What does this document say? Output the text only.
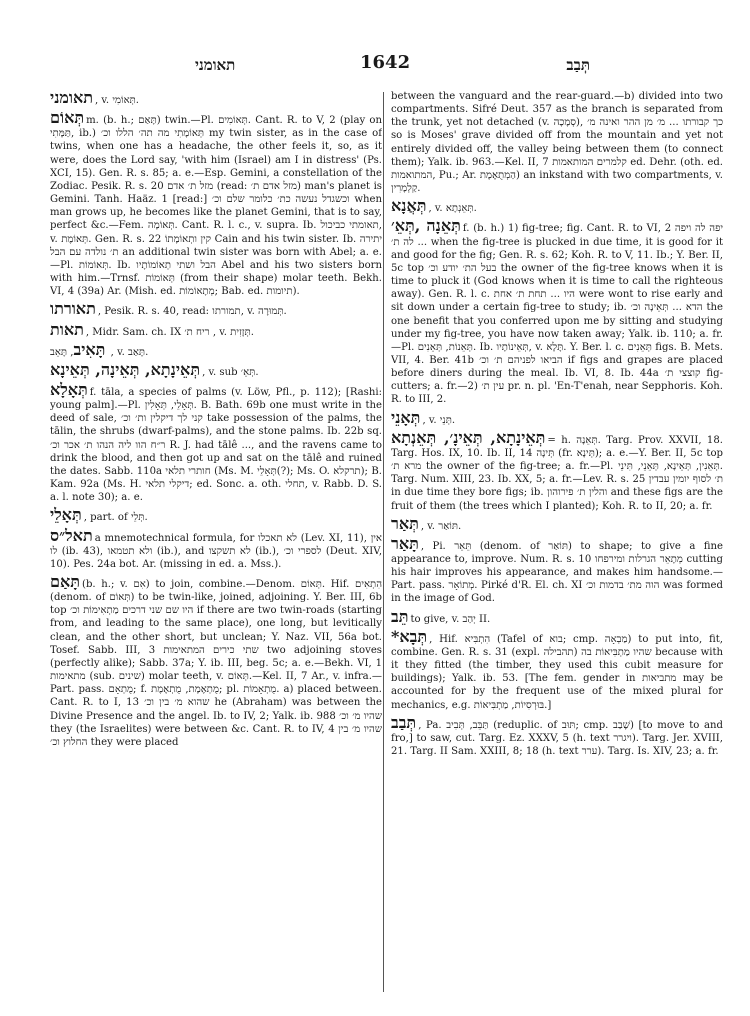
תאומני	1642	תְּבַב

תאומני , v. תְּאוֹמִי.

תְּאוֹם m. (b. h.; תָּאַם) twin.—Pl. תְּאוֹמִים. Cant. R. to V, 2 (play on תַּמָּתִי, ib.) תְּאוֹמָתִי מה תה׳ הללו וכ׳ my twin sister, as in the case of twins, when one has a headache, the other feels it, so, as it were, does the Lord say, 'with him (Israel) am I in distress' (Ps. XCI, 15). Gen. R. s. 85; a. e.—Esp. Gemini, a constellation of the Zodiac. Pesik. R. s. 20 מזל ת׳ אדם (read: מזל אדם ת׳) man's planet is Gemini. Tanh. Haäz. 1 [read:] וכשגדל נעשה כת׳ כלומר שלם וכ׳ when man grows up, he becomes like the planet Gemini, that is to say, perfect &c.—Fem. תְּאוֹמָה. Cant. R. l. c., v. supra. Ib. תאומתי כביכול, v. תְּאוֹמֶת. Gen. R. s. 22 קין ותְאוֹמָתוֹ Cain and his twin sister. Ib. יתירה ת׳ נולדה עם הבל an additional twin sister was born with Abel; a. e.—Pl. תְּאוֹמוֹת. Ib. הבל ושתי תְאוֹמוֹתָיו Abel and his two sisters born with him.—Trnsf. תְּאוֹמוֹת (from their shape) molar teeth. Bekh. VI, 4 (39a) Ar. (Mish. ed. מְתָאוֹמוֹת; Bab. ed. תיומות).

תאורתו , Pesik. R. s. 40, read: תמורתו, v. תְּמוּרָה.

תאות , Midr. Sam. ch. IX ריח ת׳ , v. תְּזָזִית.

תָּאִיב, תָּאֵב , v. תָּאַב.

תְּאֵינָתָא, תְּאֵינָה, תְּאֵינָא , v. sub תְּאֵ׳.

תְּאָלָא f. tāla, a species of palms (v. Löw, Pfl., p. 112); [Rashi: young palm].—Pl. תְּאָלֵי, תְּאָלִין. B. Bath. 69b one must write in the deed of sale, קני לך דיקלין ות׳ וכ׳ take possession of the palms, the tālin, the shrubs (dwarf-palms), and the stone palms. Ib. 22b sq. ר״ח הוו ליה הנהו ת׳ אכר וכ׳ R. J. had tālê ..., and the ravens came to drink the blood, and then got up and sat on the tālê and ruined the dates. Sabb. 110a חותרי תלאי (Ms. M. תְּאָלֵי(?); Ms. O. תרקלא); B. Kam. 92a (Ms. H. דיקלי תלאי; ed. Sonc. a. oth. תחלי, v. Rabb. D. S. a. l. note 30); a. e.

תְּאָלֵי , part. of תְּלֵי.

תאל״ס a mnemotechnical formula, for לא תאכלו (Lev. XI, 11), אין לו (ib. 43), ולא תטמאו (ib.), and לא תשקצו (ib.), לספרי וכ׳ (Deut. XIV, 10). Pes. 24a bot. Ar. (missing in ed. a. Mss.).

תָּאַם (b. h.; v. אִם) to join, combine.—Denom. תְּאוֹם. Hif. הִתְאִים (denom. of תְּאוֹם) to be twin-like, joined, adjoining. Y. Ber. III, 6b top היו שם שני דרכים מַתְאִימוֹת וכ׳ if there are two twin-roads (starting from, and leading to the same place), one long, but levitically clean, and the other short, but unclean; Y. Naz. VII, 56a bot. Tosef. Sabb. III, 3 שתי כירים המתאימות two adjoining stoves (perfectly alike); Sabb. 37a; Y. ib. III, beg. 5c; a. e.—Bekh. VI, 1 מתאימות (sub. שינים) molar teeth, v. תְּאוֹם.—Kel. II, 7 Ar., v. infra.—Part. pass. מֻתְאָם; f. מֻתְאֶמֶת, מֻתְאֶמֶת; pl. מֻתְאָמוֹת. a) placed between. Cant. R. to I, 13 שהוא מ׳ בין וכ׳ he (Abraham) was between the Divine Presence and the angel. Ib. to IV, 2; Yalk. ib. 988 שהיו מ׳ וכ׳ they (the Israelites) were between &c. Cant. R. to IV, 4 שהיו מ׳ בין החלוץ וכ׳ they were placed

between the vanguard and the rear-guard.—b) divided into two compartments. Sifré Deut. 357 as the branch is separated from the trunk, yet not detached (v. סְמָכָה), כך קבורתו ... מ׳ מן ההר ואינה מ׳ so is Moses' grave divided off from the mountain and yet not entirely divided off, the valley being between them (to connect them); Yalk. ib. 963.—Kel. II, 7 קלמרים המותאמות ed. Dehr. (oth. ed. המתואמות, Pu.; Ar. הַמְתֻאֶמֶת) an inkstand with two compartments, v. קַלְמָרִין.

תְּאֲנָא , v. תְּאֵנְתָא.

תְּאֵנָה ,תְּאֵ׳ f. (b. h.) 1) fig-tree; fig. Cant. R. to VI, 2 יפה לה ויפה לה ת׳ ... when the fig-tree is plucked in due time, it is good for it and good for the fig; Gen. R. s. 62; Koh. R. to V, 11. Ib.; Y. Ber. II, 5c top בעל הת׳ יודע וכ׳ the owner of the fig-tree knows when it is time to pluck it (God knows when it is time to call the righteous away). Gen. R. l. c. היו ... תחת ת׳ אחת were wont to rise early and sit down under a certain fig-tree to study; ib. הדא ... תְּאֵינָה וכ׳ the one benefit that you conferred upon me by sitting and studying under my fig-tree, you have now taken away; Yalk. ib. 110; a. fr.—Pl. תְּאֵנוֹת, תְּאֵנִים. Ib. תְּאֵינוֹתָיו, v. תָּלָא. Y. Ber. l. c. תְּאֵנִים figs. B. Mets. VII, 4. Ber. 41b הביאו לפניהם ת׳ וכ׳ if figs and grapes are placed before diners during the meal. Ib. VI, 8. Ib. 44a קוצצי ת׳ fig-cutters; a. fr.—2) עין ת׳ pr. n. pl. 'En-T'enah, near Sepphoris. Koh. R. to III, 2.

תְּאָנֵי , v. תְּנֵי.

תְּאֵינָתָא, תְּאֵינָ׳, תְּאֵנְתָא = h. תְּאֵנָה. Targ. Prov. XXVII, 18. Targ. Hos. IX, 10. Ib. II, 14 תְּינָה (fr. תְּינָא); a. e.—Y. Ber. II, 5c top מרא ת׳ the owner of the fig-tree; a. fr.—Pl. תְּאֵנִין, תְּאֵינָא, תְּאֵנֵי, תִּינֵי. Targ. Num. XIII, 23. Ib. XX, 5; a. fr.—Lev. R. s. 25 ת׳ לסוף יומין עבדין in due time they bore figs; ib. והלין ת׳ פירוהון and these figs are the fruit of them (the trees which I planted); Koh. R. to II, 20; a. fr.

תְּאַר , v. תּוֹאַר.

תָּאַר , Pi. תֵּאֵר (denom. of תּוֹאַר) to shape; to give a fine appearance to, improve. Num. R. s. 10 מְתָאֵר הגרלות ומירפחו cutting his hair improves his appearance, and makes him handsome.—Part. pass. מְתוֹאָר. Pirké d'R. El. ch. XI הוה מת׳ בדמות וכ׳ was formed in the image of God.

תֵּב to give, v. יְהַב II.

*תְּבָא , Hif. הִתְבִּיא (Tafel of בוא; cmp. מַבְאָה) to put into, fit, combine. Gen. R. s. 31 (expl. תהבילה) שהיו מַתְבִּיאוֹת בה because with it they fitted (the timber, they used this cubit measure for buildings); Yalk. ib. 53. [The fem. gender in מתביאות may be accounted for by the frequent use of the mixed plural for mechanics, e.g. בּוּרְסִיוֹת, מַתְבִּיאוֹת.]

תְּבַב , Pa. תַּבֵּב, תְּבִיב (reduplic. of תּוּב; cmp. שָׁבַב) [to move to and fro,] to saw, cut. Targ. Ez. XXXV, 5 (h. text ויגרר). Targ. Jer. XVIII, 21. Targ. II Sam. XXIII, 8; 18 (h. text ערר). Targ. Is. XIV, 23; a. fr.
